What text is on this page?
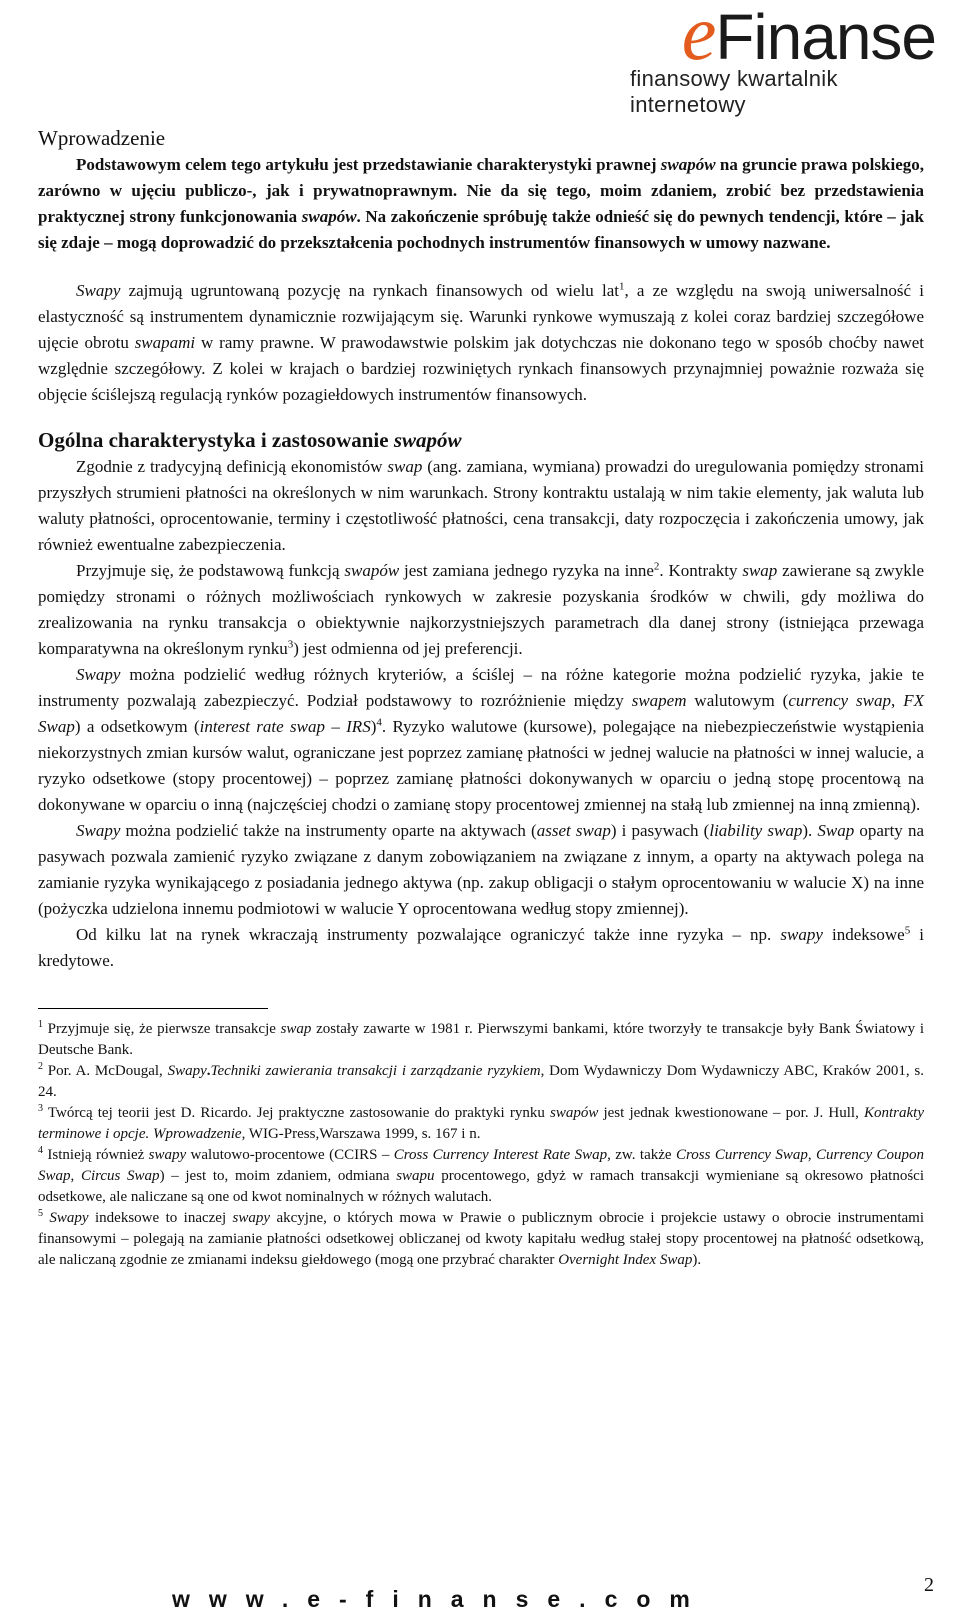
eFinanse
finansowy kwartalnik internetowy
Wprowadzenie

Podstawowym celem tego artykułu jest przedstawianie charakterystyki prawnej swapów na gruncie prawa polskiego, zarówno w ujęciu publiczo-, jak i prywatnoprawnym. Nie da się tego, moim zdaniem, zrobić bez przedstawienia praktycznej strony funkcjonowania swapów. Na zakończenie spróbuję także odnieść się do pewnych tendencji, które – jak się zdaje – mogą doprowadzić do przekształcenia pochodnych instrumentów finansowych w umowy nazwane.

Swapy zajmują ugruntowaną pozycję na rynkach finansowych od wielu lat$^1$, a ze względu na swoją uniwersalność i elastyczność są instrumentem dynamicznie rozwijającym się. Warunki rynkowe wymuszają z kolei coraz bardziej szczegółowe ujęcie obrotu swapami w ramy prawne. W prawodawstwie polskim jak dotychczas nie dokonano tego w sposób choćby nawet względnie szczegółowy. Z kolei w krajach o bardziej rozwiniętych rynkach finansowych przynajmniej poważnie rozważa się objęcie ściślejszą regulacją rynków pozagiełdowych instrumentów finansowych.

Ogólna charakterystyka i zastosowanie swapów

Zgodnie z tradycyjną definicją ekonomistów swap (ang. zamiana, wymiana) prowadzi do uregulowania pomiędzy stronami przyszłych strumieni płatności na określonych w nim warunkach. Strony kontraktu ustalają w nim takie elementy, jak waluta lub waluty płatności, oprocentowanie, terminy i częstotliwość płatności, cena transakcji, daty rozpoczęcia i zakończenia umowy, jak również ewentualne zabezpieczenia.

Przyjmuje się, że podstawową funkcją swapów jest zamiana jednego ryzyka na inne$^2$. Kontrakty swap zawierane są zwykle pomiędzy stronami o różnych możliwościach rynkowych w zakresie pozyskania środków w chwili, gdy możliwa do zrealizowania na rynku transakcja o obiektywnie najkorzystniejszych parametrach dla danej strony (istniejąca przewaga komparatywna na określonym rynku$^3$) jest odmienna od jej preferencji.

Swapy można podzielić według różnych kryteriów, a ściślej – na różne kategorie można podzielić ryzyka, jakie te instrumenty pozwalają zabezpieczyć. Podział podstawowy to rozróżnienie między swapem walutowym (currency swap, FX Swap) a odsetkowym (interest rate swap – IRS)$^4$. Ryzyko walutowe (kursowe), polegające na niebezpieczeństwie wystąpienia niekorzystnych zmian kursów walut, ograniczane jest poprzez zamianę płatności w jednej walucie na płatności w innej walucie, a ryzyko odsetkowe (stopy procentowej) – poprzez zamianę płatności dokonywanych w oparciu o jedną stopę procentową na dokonywane w oparciu o inną (najczęściej chodzi o zamianę stopy procentowej zmiennej na stałą lub zmiennej na inną zmienną).

Swapy można podzielić także na instrumenty oparte na aktywach (asset swap) i pasywach (liability swap). Swap oparty na pasywach pozwala zamienić ryzyko związane z danym zobowiązaniem na związane z innym, a oparty na aktywach polega na zamianie ryzyka wynikającego z posiadania jednego aktywa (np. zakup obligacji o stałym oprocentowaniu w walucie X) na inne (pożyczka udzielona innemu podmiotowi w walucie Y oprocentowana według stopy zmiennej).

Od kilku lat na rynek wkraczają instrumenty pozwalające ograniczyć także inne ryzyka – np. swapy indeksowe$^5$ i kredytowe.

$^1$ Przyjmuje się, że pierwsze transakcje swap zostały zawarte w 1981 r. Pierwszymi bankami, które tworzyły te transakcje były Bank Światowy i Deutsche Bank.
$^2$ Por. A. McDougal, Swapy.Techniki zawierania transakcji i zarządzanie ryzykiem, Dom Wydawniczy Dom Wydawniczy ABC, Kraków 2001, s. 24.
$^3$ Twórcą tej teorii jest D. Ricardo. Jej praktyczne zastosowanie do praktyki rynku swapów jest jednak kwestionowane – por. J. Hull, Kontrakty terminowe i opcje. Wprowadzenie, WIG-Press,Warszawa 1999, s. 167 i n.
$^4$ Istnieją również swapy walutowo-procentowe (CCIRS – Cross Currency Interest Rate Swap, zw. także Cross Currency Swap, Currency Coupon Swap, Circus Swap) – jest to, moim zdaniem, odmiana swapu procentowego, gdyż w ramach transakcji wymieniane są okresowo płatności odsetkowe, ale naliczane są one od kwot nominalnych w różnych walutach.
$^5$ Swapy indeksowe to inaczej swapy akcyjne, o których mowa w Prawie o publicznym obrocie i projekcie ustawy o obrocie instrumentami finansowymi – polegają na zamianie płatności odsetkowej obliczanej od kwoty kapitału według stałej stopy procentowej na płatność odsetkową, ale naliczaną zgodnie ze zmianami indeksu giełdowego (mogą one przybrać charakter Overnight Index Swap).
www.e-finanse.com
2
